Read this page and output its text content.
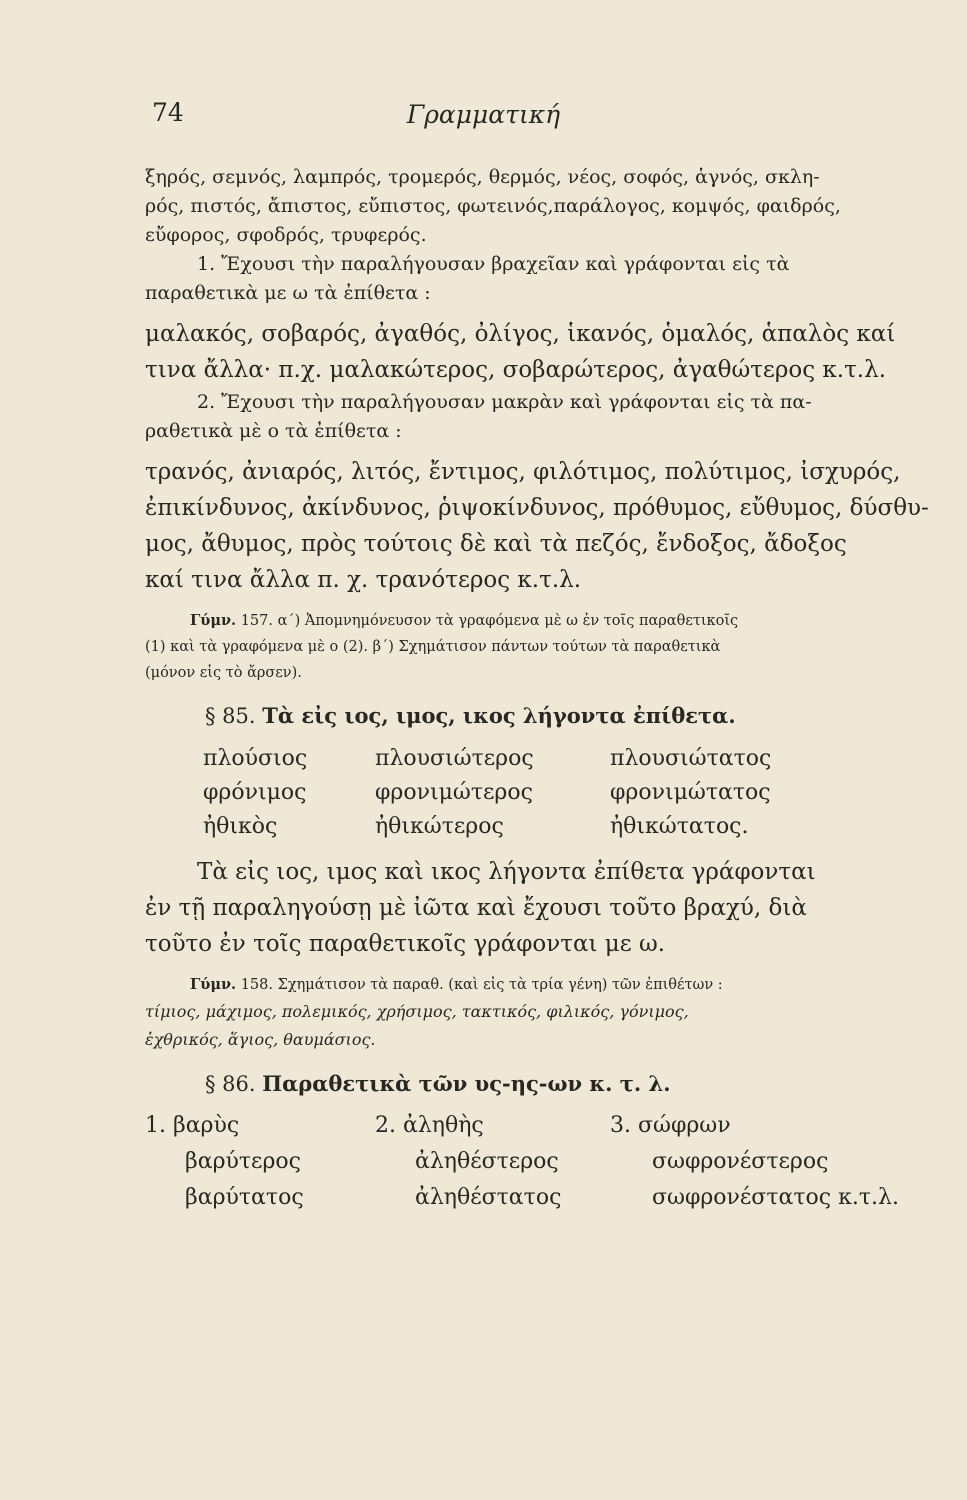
74	Γραμματική

ξηρός, σεμνός, λαμπρός, τρομερός, θερμός, νέος, σοφός, ἁγνός, σκλη-

ρός, πιστός, ἄπιστος, εὔπιστος, φωτεινός,παράλογος, κομψός, φαιδρός,

εὔφορος, σφοδρός, τρυφερός.

1. Ἔχουσι τὴν παραλήγουσαν βραχεῖαν καὶ γράφονται εἰς τὰ

παραθετικὰ με ω τὰ ἐπίθετα :

μαλακός, σοβαρός, ἀγαθός, ὀλίγος, ἱκανός, ὁμαλός, ἁπαλὸς καί

τινα ἄλλα· π.χ. μαλακώτερος, σοβαρώτερος, ἀγαθώτερος κ.τ.λ.

2. Ἔχουσι τὴν παραλήγουσαν μακρὰν καὶ γράφονται εἰς τὰ πα-

ραθετικὰ μὲ ο τὰ ἐπίθετα :

τρανός, ἀνιαρός, λιτός, ἔντιμος, φιλότιμος, πολύτιμος, ἰσχυρός,

ἐπικίνδυνος, ἀκίνδυνος, ῥιψοκίνδυνος, πρόθυμος, εὔθυμος, δύσθυ-

μος, ἄθυμος, πρὸς τούτοις δὲ καὶ τὰ πεζός, ἔνδοξος, ἄδοξος

καί τινα ἄλλα π. χ. τρανότερος κ.τ.λ.

Γύμν. 157. α΄) Ἀπομνημόνευσον τὰ γραφόμενα μὲ ω ἐν τοῖς παραθετικοῖς

(1) καὶ τὰ γραφόμενα μὲ ο (2). β΄) Σχημάτισον πάντων τούτων τὰ παραθετικὰ

(μόνον εἰς τὸ ἄρσεν).

§ 85. Τὰ εἰς ιος, ιμος, ικος λήγοντα ἐπίθετα.

πλούσιος	πλουσιώτερος	πλουσιώτατος
φρόνιμος	φρονιμώτερος	φρονιμώτατος
ἠθικὸς	ἠθικώτερος	ἠθικώτατος.

Τὰ εἰς ιος, ιμος καὶ ικος λήγοντα ἐπίθετα γράφονται

ἐν τῇ παραληγούσῃ μὲ ἰῶτα καὶ ἔχουσι τοῦτο βραχύ, διὰ

τοῦτο ἐν τοῖς παραθετικοῖς γράφονται με ω.

Γύμν. 158. Σχημάτισον τὰ παραθ. (καὶ εἰς τὰ τρία γένη) τῶν ἐπιθέτων :

τίμιος, μάχιμος, πολεμικός, χρήσιμος, τακτικός, φιλικός, γόνιμος,

ἐχθρικός, ἅγιος, θαυμάσιος.

§ 86. Παραθετικὰ τῶν υς-ης-ων κ. τ. λ.

1. βαρὺς	2. ἀληθὴς	3. σώφρων
βαρύτερος	ἀληθέστερος	σωφρονέστερος
βαρύτατος	ἀληθέστατος	σωφρονέστατος κ.τ.λ.
